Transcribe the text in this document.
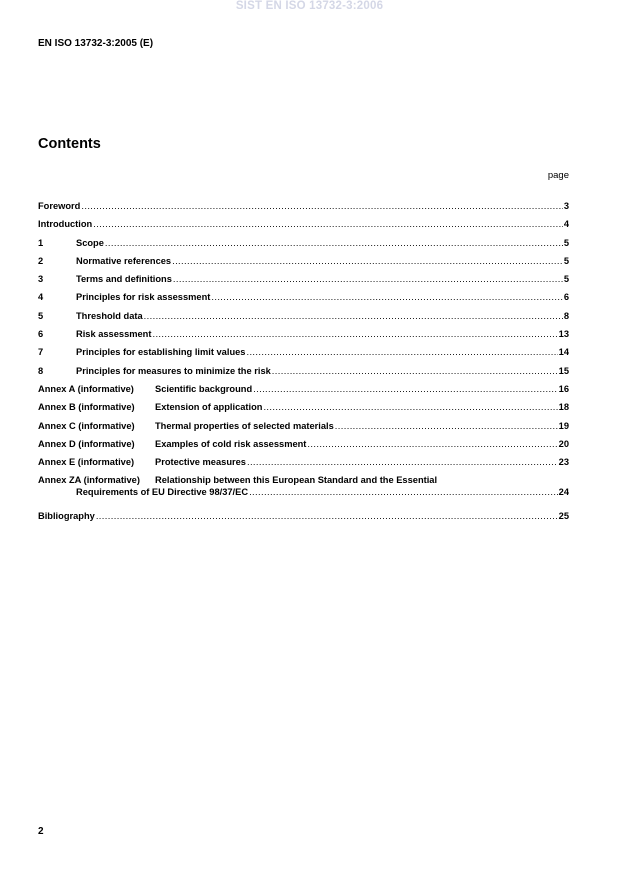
SIST EN ISO 13732-3:2006
EN ISO 13732-3:2005 (E)
Contents
page
Foreword .....	3
Introduction .....	4
1	Scope .....	5
2	Normative references .....	5
3	Terms and definitions .....	5
4	Principles for risk assessment .....	6
5	Threshold data .....	8
6	Risk assessment .....	13
7	Principles for establishing limit values .....	14
8	Principles for measures to minimize the risk .....	15
Annex A (informative)	Scientific background .....	16
Annex B (informative)	Extension of application .....	18
Annex C (informative)	Thermal properties of selected materials .....	19
Annex D (informative)	Examples of cold risk assessment .....	20
Annex E (informative)	Protective measures .....	23
Annex ZA (informative)	Relationship between this European Standard and the Essential
Requirements of EU Directive 98/37/EC .....	24
Bibliography .....	25
2
